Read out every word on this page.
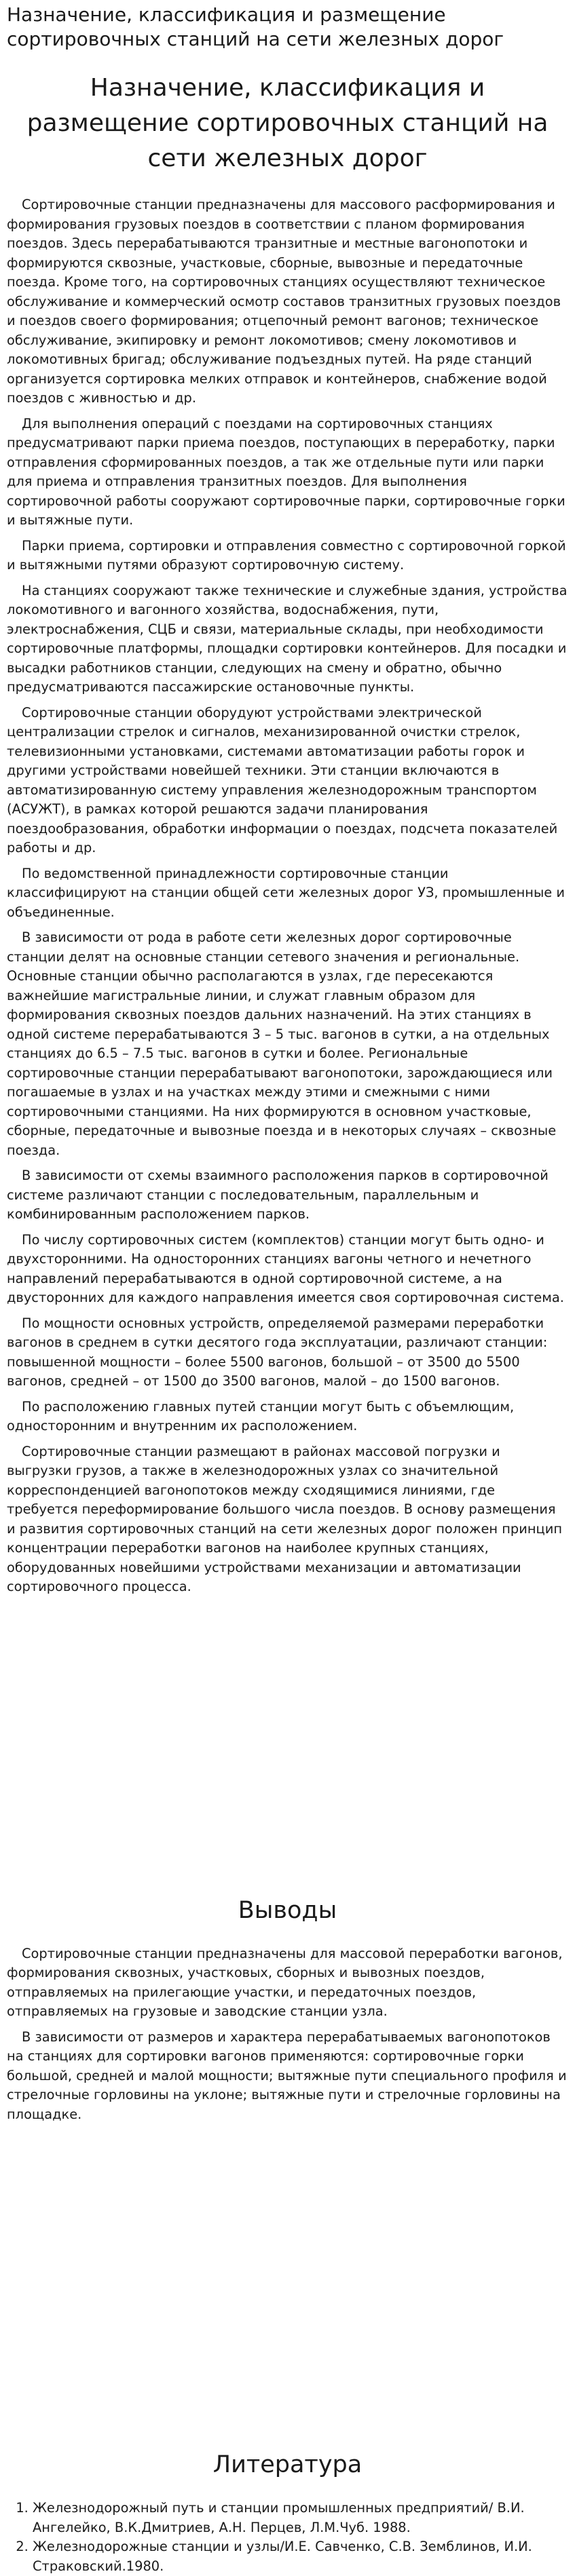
Назначение, классификация и размещение сортировочных станций на сети железных дорог
Назначение, классификация и размещение сортировочных станций на сети железных дорог

Сортировочные станции предназначены для массового расформирования и формирования грузовых поездов в соответствии с планом формирования поездов. Здесь перерабатываются транзитные и местные вагонопотоки и формируются сквозные, участковые, сборные, вывозные и передаточные поезда. Кроме того, на сортировочных станциях осуществляют техническое обслуживание и коммерческий осмотр составов транзитных грузовых поездов и поездов своего формирования; отцепочный ремонт вагонов; техническое обслуживание, экипировку и ремонт локомотивов; смену локомотивов и локомотивных бригад; обслуживание подъездных путей. На ряде станций организуется сортировка мелких отправок и контейнеров, снабжение водой поездов с живностью и др.

Для выполнения операций с поездами на сортировочных станциях предусматривают парки приема поездов, поступающих в переработку, парки отправления сформированных поездов, а так же отдельные пути или парки для приема и отправления транзитных поездов. Для выполнения сортировочной работы сооружают сортировочные парки, сортировочные горки и вытяжные пути.

Парки приема, сортировки и отправления совместно с сортировочной горкой и вытяжными путями образуют сортировочную систему.

На станциях сооружают также технические и служебные здания, устройства локомотивного и вагонного хозяйства, водоснабжения, пути, электроснабжения, СЦБ и связи, материальные склады, при необходимости сортировочные платформы, площадки сортировки контейнеров. Для посадки и высадки работников станции, следующих на смену и обратно, обычно предусматриваются пассажирские остановочные пункты.

Сортировочные станции оборудуют устройствами электрической централизации стрелок и сигналов, механизированной очистки стрелок, телевизионными установками, системами автоматизации работы горок и другими устройствами новейшей техники. Эти станции включаются в автоматизированную систему управления железнодорожным транспортом (АСУЖТ), в рамках которой решаются задачи планирования поездообразования, обработки информации о поездах, подсчета показателей работы и др.

По ведомственной принадлежности сортировочные станции классифицируют на станции общей сети железных дорог УЗ, промышленные и объединенные.

В зависимости от рода в работе сети железных дорог сортировочные станции делят на основные станции сетевого значения и региональные. Основные станции обычно располагаются в узлах, где пересекаются важнейшие магистральные линии, и служат главным образом для формирования сквозных поездов дальних назначений. На этих станциях в одной системе перерабатываются 3 – 5 тыс. вагонов в сутки, а на отдельных станциях до 6.5 – 7.5 тыс. вагонов в сутки и более. Региональные сортировочные станции перерабатывают вагонопотоки, зарождающиеся или погашаемые в узлах и на участках между этими и смежными с ними сортировочными станциями. На них формируются в основном участковые, сборные, передаточные и вывозные поезда и в некоторых случаях – сквозные поезда.

В зависимости от схемы взаимного расположения парков в сортировочной системе различают станции с последовательным, параллельным и комбинированным расположением парков.

По числу сортировочных систем (комплектов) станции могут быть одно- и двухсторонними. На односторонних станциях вагоны четного и нечетного направлений перерабатываются в одной сортировочной системе, а на двусторонних для каждого направления имеется своя сортировочная система.

По мощности основных устройств, определяемой размерами переработки вагонов в среднем в сутки десятого года эксплуатации, различают станции: повышенной мощности – более 5500 вагонов, большой – от 3500 до 5500 вагонов, средней – от 1500 до 3500 вагонов, малой – до 1500 вагонов.

По расположению главных путей станции могут быть с объемлющим, односторонним и внутренним их расположением.

Сортировочные станции размещают в районах массовой погрузки и выгрузки грузов, а также в железнодорожных узлах со значительной корреспонденцией вагонопотоков между сходящимися линиями, где требуется переформирование большого числа поездов. В основу размещения и развития сортировочных станций на сети железных дорог положен принцип концентрации переработки вагонов на наиболее крупных станциях, оборудованных новейшими устройствами механизации и автоматизации сортировочного процесса.

Выводы

Сортировочные станции предназначены для массовой переработки вагонов, формирования сквозных, участковых, сборных и вывозных поездов, отправляемых на прилегающие участки, и передаточных поездов, отправляемых на грузовые и заводские станции узла.

В зависимости от размеров и характера перерабатываемых вагонопотоков на станциях для сортировки вагонов применяются: сортировочные горки большой, средней и малой мощности; вытяжные пути специального профиля и стрелочные горловины на уклоне; вытяжные пути и стрелочные горловины на площадке.

Литература
1. Железнодорожный путь и станции промышленных предприятий/ В.И. Ангелейко, В.К.Дмитриев, А.Н. Перцев, Л.М.Чуб. 1988.
2. Железнодорожные станции и узлы/И.Е. Савченко, С.В. Земблинов, И.И. Страковский.1980.
